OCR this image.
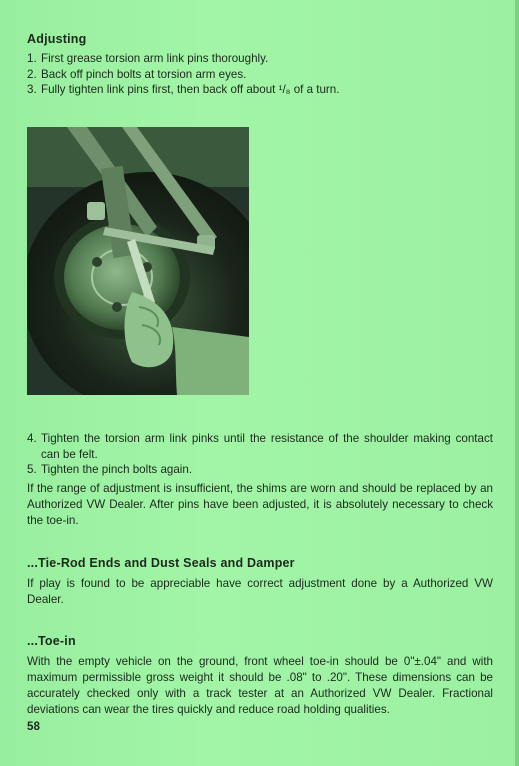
Adjusting
1. First grease torsion arm link pins thoroughly.
2. Back off pinch bolts at torsion arm eyes.
3. Fully tighten link pins first, then back off about ¹/₈ of a turn.
4. Tighten the torsion arm link pinks until the resistance of the shoulder making contact can be felt.
5. Tighten the pinch bolts again.

If the range of adjustment is insufficient, the shims are worn and should be replaced by an Authorized VW Dealer. After pins have been adjusted, it is absolutely necessary to check the toe-in.

...Tie-Rod Ends and Dust Seals and Damper

If play is found to be appreciable have correct adjustment done by a Authorized VW Dealer.

...Toe-in

With the empty vehicle on the ground, front wheel toe-in should be 0"±.04" and with maximum permissible gross weight it should be .08" to .20". These dimensions can be accurately checked only with a track tester at an Authorized VW Dealer. Fractional deviations can wear the tires quickly and reduce road holding qualities.

58
